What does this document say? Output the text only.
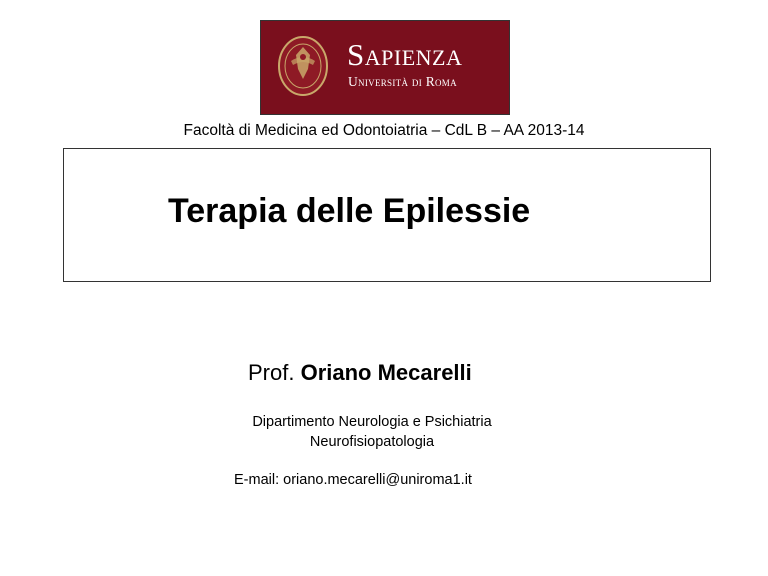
Sapienza
Università di Roma
Facoltà di Medicina ed Odontoiatria – CdL B – AA 2013-14
Terapia delle Epilessie
Prof. Oriano Mecarelli
Dipartimento Neurologia e Psichiatria
Neurofisiopatologia
E-mail: oriano.mecarelli@uniroma1.it
